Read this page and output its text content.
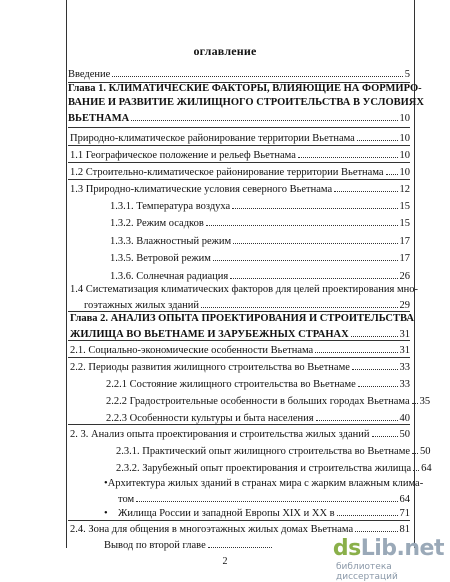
оглавление
Введение	5
Глава 1. КЛИМАТИЧЕСКИЕ ФАКТОРЫ, ВЛИЯЮЩИЕ НА ФОРМИРО-
ВАНИЕ И РАЗВИТИЕ ЖИЛИЩНОГО СТРОИТЕЛЬСТВА В УСЛОВИЯХ
ВЬЕТНАМА	10
Природно-климатическое районирование территории Вьетнама	10
1.1 Географическое положение и рельеф Вьетнама	10
1.2 Строительно-климатическое районирование территории Вьетнама 10
1.3 Природно-климатические условия северного Вьетнама	12
1.3.1. Температура воздуха	15
1.3.2. Режим осадков	15
1.3.3. Влажностный режим	17
1.3.5. Ветровой режим	17
1.3.6. Солнечная радиация	26
1.4 Систематизация климатических факторов для целей проектирования мно-
гоэтажных жилых зданий	29
Глава 2. АНАЛИЗ ОПЫТА ПРОЕКТИРОВАНИЯ И СТРОИТЕЛЬСТВА
ЖИЛИЩА ВО ВЬЕТНАМЕ И ЗАРУБЕЖНЫХ СТРАНАХ	31
2.1. Социально-экономические особенности Вьетнама	31
2.2. Периоды развития жилищного строительства во Вьетнаме	33
2.2.1 Состояние жилищного строительства во Вьетнаме	33
2.2.2 Градостроительные особенности в больших городах Вьетнама 35
2.2.3 Особенности культуры и быта населения	40
2. 3. Анализ опыта проектирования и строительства жилых зданий	50
2.3.1. Практический опыт жилищного строительства во Вьетнаме 50
2.3.2. Зарубежный опыт проектирования и строительства жилища 64
• Архитектура жилых зданий в странах мира с жарким влажным клима-
том	64
• Жилища России и западной Европы XIX и XX в	71
2.4. Зона для общения в многоэтажных жилых домах Вьетнама	81
Вывод по второй главе
2
dsLib.net
библиотека диссертаций
